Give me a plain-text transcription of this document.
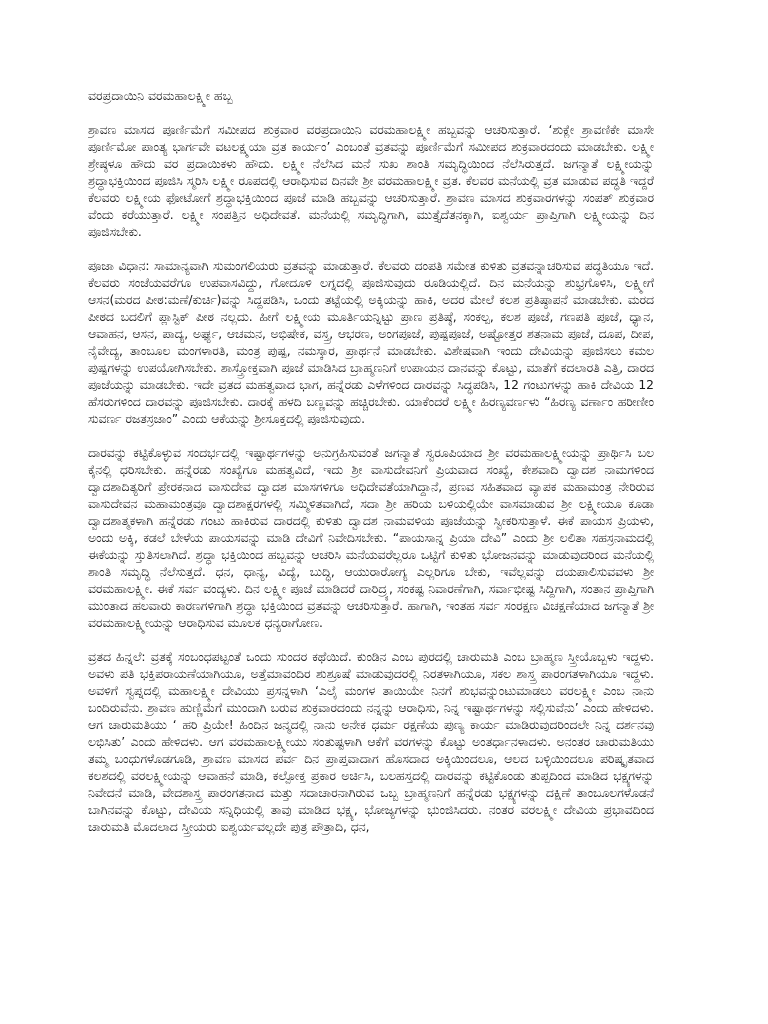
ವರಪ್ರದಾಯಿನಿ ವರಮಹಾಲಕ್ಷ್ಮೀ ಹಬ್ಬ

ಶ್ರಾವಣ ಮಾಸದ ಪೂರ್ಣಿಮೆಗೆ ಸಮೀಪದ ಶುಕ್ರವಾರ ವರಪ್ರದಾಯಿನಿ ವರಮಹಾಲಕ್ಷ್ಮೀ ಹಬ್ಬವನ್ನು ಆಚರಿಸುತ್ತಾರೆ. ‘ಶುಕ್ಲೇ ಶ್ರಾವಣಿಕೇ ಮಾಸೇ ಪೂರ್ಣಿಮೋ ಪಾಂತ್ಯ ಭಾರ್ಗವೇ ವಟಲಕ್ಷ್ಮಯಾ ವ್ರತ ಕಾರ್ಯಂ’ ಎಂಬಂತೆ ವ್ರತವನ್ನು ಪೂರ್ಣಿಮೆಗೆ ಸಮೀಪದ ಶುಕ್ರವಾರದಂದು ಮಾಡಬೇಕು. ಲಕ್ಷ್ಮೀ ಶ್ರೇಷ್ಠಳೂ ಹೌದು ವರ ಪ್ರದಾಯಿಕಳು ಹೌದು. ಲಕ್ಷ್ಮೀ ನೆಲೆಸಿದ ಮನೆ ಸುಖ ಶಾಂತಿ ಸಮೃದ್ಧಿಯಿಂದ ನೆಲೆಸಿರುತ್ತದೆ. ಜಗನ್ಮಾತೆ ಲಕ್ಷ್ಮೀಯನ್ನು ಶ್ರದ್ಧಾಭಕ್ತಿಯಿಂದ ಪೂಜಿಸಿ ಸ್ಮರಿಸಿ ಲಕ್ಷ್ಮೀ ರೂಪದಲ್ಲಿ ಆರಾಧಿಸುವ ದಿನವೇ ಶ್ರೀ ವರಮಹಾಲಕ್ಷ್ಮೀ ವ್ರತ. ಕೆಲವರ ಮನೆಯಲ್ಲಿ ವ್ರತ ಮಾಡುವ ಪದ್ಧತಿ ಇದ್ದರೆ ಕೆಲವರು ಲಕ್ಷ್ಮೀಯ ಫೋಟೋಗೆ ಶ್ರದ್ಧಾಭಕ್ತಿಯಿಂದ ಪೂಜೆ ಮಾಡಿ ಹಬ್ಬವನ್ನು ಆಚರಿಸುತ್ತಾರೆ. ಶ್ರಾವಣ ಮಾಸದ ಶುಕ್ರವಾರಗಳನ್ನು ಸಂಪತ್ ಶುಕ್ರವಾರ ವೆಂದು ಕರೆಯುತ್ತಾರೆ. ಲಕ್ಷ್ಮೀ ಸಂಪತ್ತಿನ ಅಧಿದೇವತೆ. ಮನೆಯಲ್ಲಿ ಸಮೃದ್ಧಿಗಾಗಿ, ಮುತ್ತೈದೆತನಕ್ಕಾಗಿ, ಐಶ್ವರ್ಯ ಪ್ರಾಪ್ತಿಗಾಗಿ ಲಕ್ಷ್ಮೀಯನ್ನು ದಿನ ಪೂಜಿಸಬೇಕು.

ಪೂಜಾ ವಿಧಾನ: ಸಾಮಾನ್ಯವಾಗಿ ಸುಮಂಗಲಿಯರು ವ್ರತವನ್ನು ಮಾಡುತ್ತಾರೆ. ಕೆಲವರು ದಂಪತಿ ಸಮೇತ ಕುಳಿತು ವ್ರತವನ್ನಾಚರಿಸುವ ಪದ್ಧತಿಯೂ ಇದೆ. ಕೆಲವರು ಸಂಜೆಯವರೆಗೂ ಉಪವಾಸವಿದ್ದು, ಗೋದೂಳಿ ಲಗ್ನದಲ್ಲಿ ಪೂಜಿಸುವುದು ರೂಡಿಯಲ್ಲಿದೆ. ದಿನ ಮನೆಯನ್ನು ಶುಭ್ರಗೊಳಿಸಿ, ಲಕ್ಷ್ಮೀಗೆ ಆಸನ(ಮರದ ಪೀಠ:ಮಣೆ/ಕುರ್ಚಿ)ವನ್ನು ಸಿದ್ದಪಡಿಸಿ, ಒಂದು ತಟ್ಟೆಯಲ್ಲಿ ಅಕ್ಕಿಯನ್ನು ಹಾಕಿ, ಅದರ ಮೇಲೆ ಕಲಶ ಪ್ರತಿಷ್ಠಾಪನೆ ಮಾಡಬೇಕು. ಮರದ ಪೀಠದ ಬದಲಿಗೆ ಪ್ಲಾಸ್ಟಿಕ್ ಪೀಠ ನಲ್ಲದು. ಹೀಗೆ ಲಕ್ಷ್ಮೀಯ ಮೂರ್ತಿಯನ್ನಿಟ್ಟು ಪ್ರಾಣ ಪ್ರತಿಷ್ಠೆ, ಸಂಕಲ್ಪ, ಕಲಶ ಪೂಜೆ, ಗಣಪತಿ ಪೂಜೆ, ಧ್ಯಾನ, ಆವಾಹನ, ಆಸನ, ಪಾದ್ಯ, ಅರ್ಘ್ಯ, ಆಚಮನ, ಅಭಿಷೇಕ, ವಸ್ತ್ರ, ಆಭರಣ, ಅಂಗಪೂಜೆ, ಪುಷ್ಪಪೂಜೆ, ಅಷ್ಟೋತ್ತರ ಶತನಾಮ ಪೂಜೆ, ದೂಪ, ದೀಪ, ನೈವೇದ್ಯ, ತಾಂಬೂಲ ಮಂಗಳಾರತಿ, ಮಂತ್ರ ಪುಷ್ಪ, ನಮಸ್ಕಾರ, ಪ್ರಾರ್ಥನೆ ಮಾಡಬೇಕು. ವಿಶೇಷವಾಗಿ ಇಂದು ದೇವಿಯನ್ನು ಪೂಜಿಸಲು ಕಮಲ ಪುಷ್ಪಗಳನ್ನು ಉಪಯೋಗಿಸಬೇಕು. ಶಾಸ್ತ್ರೋಕ್ತವಾಗಿ ಪೂಜೆ ಮಾಡಿಸಿದ ಬ್ರಾಹ್ಮಣನಿಗೆ ಉಪಾಯನ ದಾನವನ್ನು ಕೊಟ್ಟು, ಮಾತೆಗೆ ಕದಲಾರತಿ ಎತ್ತಿ, ದಾರದ ಪೂಜೆಯನ್ನು ಮಾಡಬೇಕು. ಇದೇ ವ್ರತದ ಮಹತ್ವವಾದ ಭಾಗ, ಹನ್ನೆರಡು ಎಳೆಗಳಿಂದ ದಾರವನ್ನು ಸಿದ್ಧಪಡಿಸಿ, 12 ಗಂಟುಗಳನ್ನು ಹಾಕಿ ದೇವಿಯ 12 ಹೆಸರುಗಳಿಂದ ದಾರವನ್ನು ಪೂಜಿಸಬೇಕು. ದಾರಕ್ಕೆ ಹಳದಿ ಬಣ್ಣವನ್ನು ಹಚ್ಚಿರಬೇಕು. ಯಾಕೆಂದರೆ ಲಕ್ಷ್ಮೀ ಹಿರಣ್ಯವರ್ಣಳು “ಹಿರಣ್ಯ ವರ್ಣಾಂ ಹರೀಣೀಂ ಸುವರ್ಣ ರಜತಸ್ರಜಾಂ” ಎಂದು ಆಕೆಯನ್ನು ಶ್ರೀಸೂಕ್ತದಲ್ಲಿ ಪೂಜಿಸುವುದು.

ದಾರವನ್ನು ಕಟ್ಟಿಕೊಳ್ಳುವ ಸಂದರ್ಭದಲ್ಲಿ ಇಷ್ಟಾರ್ಥಗಳನ್ನು ಅನುಗ್ರಹಿಸುವಂತೆ ಜಗನ್ಮಾತೆ ಸ್ವರೂಪಿಯಾದ ಶ್ರೀ ವರಮಹಾಲಕ್ಷ್ಮೀಯನ್ನು ಪ್ರಾರ್ಥಿಸಿ ಬಲ ಕೈನಲ್ಲಿ ಧರಿಸಬೇಕು. ಹನ್ನೆರಡು ಸಂಖ್ಯೆಗೂ ಮಹತ್ವವಿದೆ, ಇದು ಶ್ರೀ ವಾಸುದೇವನಿಗೆ ಪ್ರಿಯವಾದ ಸಂಖ್ಯೆ, ಕೇಶವಾದಿ ದ್ವಾದಶ ನಾಮಗಳಿಂದ ದ್ವಾದಶಾದಿತ್ಯರಿಗೆ ಪ್ರೇರಕನಾದ ವಾಸುದೇವ ದ್ವಾದಶ ಮಾಸಗಳಿಗೂ ಅಧಿದೇವತೆಯಾಗಿದ್ದಾನೆ, ಪ್ರಣವ ಸಹಿತವಾದ ವ್ಯಾಪಕ ಮಹಾಮಂತ್ರ ನೇರಿರುವ ವಾಸುದೇವನ ಮಹಾಮಂತ್ರವೂ ದ್ವಾದಶಾಕ್ಷರಗಳಲ್ಲಿ ಸಮ್ಮಿಳಿತವಾಗಿದೆ, ಸದಾ ಶ್ರೀ ಹರಿಯ ಬಳಿಯಲ್ಲಿಯೇ ವಾಸಮಾಡುವ ಶ್ರೀ ಲಕ್ಷ್ಮೀಯೂ ಕೂಡಾ ದ್ವಾದಶಾತ್ಮಕಳಾಗಿ ಹನ್ನೆರಡು ಗಂಟು ಹಾಕಿರುವ ದಾರದಲ್ಲಿ ಕುಳಿತು ದ್ವಾದಶ ನಾಮವಳಿಯ ಪೂಜೆಯನ್ನು ಸ್ವೀಕರಿಸುತ್ತಾಳೆ. ಈಕೆ ಪಾಯಸ ಪ್ರಿಯಳು, ಅಂದು ಅಕ್ಕಿ, ಕಡಲೆ ಬೇಳೆಯ ಪಾಯಸವನ್ನು ಮಾಡಿ ದೇವಿಗೆ ನಿವೇದಿಸಬೇಕು. “ಪಾಯಸಾನ್ನ ಪ್ರಿಯಾ ದೇವಿ” ಎಂದು ಶ್ರೀ ಲಲಿತಾ ಸಹಸ್ರನಾಮದಲ್ಲಿ ಈಕೆಯನ್ನು ಸ್ತುತಿಸಲಾಗಿದೆ. ಶ್ರದ್ಧಾ ಭಕ್ತಿಯಿಂದ ಹಬ್ಬವನ್ನು ಆಚರಿಸಿ ಮನೆಯವರೆಲ್ಲರೂ ಒಟ್ಟಿಗೆ ಕುಳಿತು ಭೋಜನವನ್ನು ಮಾಡುವುದರಿಂದ ಮನೆಯಲ್ಲಿ ಶಾಂತಿ ಸಮೃದ್ಧಿ ನೆಲೆಸುತ್ತದೆ. ಧನ, ಧಾನ್ಯ, ವಿದ್ಯೆ, ಬುದ್ಧಿ, ಆಯುರಾರೋಗ್ಯ ಎಲ್ಲರಿಗೂ ಬೇಕು, ಇವೆಲ್ಲವನ್ನು ದಯಪಾಲಿಸುವವಳು ಶ್ರೀ ವರಮಹಾಲಕ್ಷ್ಮೀ. ಈಕೆ ಸರ್ವ ವಂದ್ಯಳು. ದಿನ ಲಕ್ಷ್ಮೀ ಪೂಜೆ ಮಾಡಿದರೆ ದಾರಿದ್ರ್ಯ, ಸಂಕಷ್ಟ ನಿವಾರಣೆಗಾಗಿ, ಸರ್ವಾಭೀಷ್ಟ ಸಿದ್ದಿಗಾಗಿ, ಸಂತಾನ ಪ್ರಾಪ್ತಿಗಾಗಿ ಮುಂತಾದ ಹಲವಾರು ಕಾರಣಗಳಿಗಾಗಿ ಶ್ರದ್ಧಾ ಭಕ್ತಿಯಿಂದ ವ್ರತವನ್ನು ಆಚರಿಸುತ್ತಾರೆ. ಹಾಗಾಗಿ, ಇಂತಹ ಸರ್ವ ಸಂರಕ್ಷಣ ವಿಚಕ್ಷಣೆಯಾದ ಜಗನ್ಮಾತೆ ಶ್ರೀ ವರಮಹಾಲಕ್ಷ್ಮೀಯನ್ನು ಆರಾಧಿಸುವ ಮೂಲಕ ಧನ್ಯರಾಗೋಣ.

ವ್ರತದ ಹಿನ್ನಲೆ: ವ್ರತಕ್ಕೆ ಸಂಬಂಧಪಟ್ಟಂತೆ ಒಂದು ಸುಂದರ ಕಥೆಯಿದೆ. ಕುಂಡಿನ ಎಂಬ ಪುರದಲ್ಲಿ ಚಾರುಮತಿ ಎಂಬ ಬ್ರಾಹ್ಮಣ ಸ್ತ್ರೀಯೊಬ್ಬಳು ಇದ್ದಳು. ಅವಳು ಪತಿ ಭಕ್ತಿಪರಾಯಣೆಯಾಗಿಯೂ, ಅತ್ತೆಮಾವಂದಿರ ಶುಶ್ರೂಷೆ ಮಾಡುವುದರಲ್ಲಿ ನಿರತಳಾಗಿಯೂ, ಸಕಲ ಶಾಸ್ತ್ರ ಪಾರಂಗತಳಾಗಿಯೂ ಇದ್ದಳು. ಅವಳಿಗೆ ಸ್ವಪ್ನದಲ್ಲಿ ಮಹಾಲಕ್ಷ್ಮೀ ದೇವಿಯು ಪ್ರಸನ್ನಳಾಗಿ ‘ಎಲೈ ಮಂಗಳ ತಾಯಿಯೇ ನಿನಗೆ ಶುಭವನ್ನುಂಟುಮಾಡಲು ವರಲಕ್ಷ್ಮೀ ಎಂಬ ನಾನು ಬಂದಿರುವೆನು. ಶ್ರಾವಣ ಹುಣ್ಣಿಮೆಗೆ ಮುಂದಾಗಿ ಬರುವ ಶುಕ್ರವಾರದಂದು ನನ್ನನ್ನು ಆರಾಧಿಸು, ನಿನ್ನ ಇಷ್ಟಾರ್ಥಗಳನ್ನು ಸಲ್ಲಿಸುವೆನು’ ಎಂದು ಹೇಳಿದಳು. ಆಗ ಚಾರುಮತಿಯು ‘ ಹರಿ ಪ್ರಿಯೇ! ಹಿಂದಿನ ಜನ್ಮದಲ್ಲಿ ನಾನು ಅನೇಕ ಧರ್ಮ ರಕ್ಷಣೆಯ ಪುಣ್ಯ ಕಾರ್ಯ ಮಾಡಿರುವುದರಿಂದಲೇ ನಿನ್ನ ದರ್ಶನವು ಲಭಿಸಿತು’ ಎಂದು ಹೇಳಿದಳು. ಆಗ ವರಮಹಾಲಕ್ಷ್ಮೀಯು ಸಂತುಷ್ಟಳಾಗಿ ಆಕೆಗೆ ವರಗಳನ್ನು ಕೊಟ್ಟು ಅಂತರ್ಧಾನಳಾದಳು. ಅನಂತರ ಚಾರುಮತಿಯು ತಮ್ಮ ಬಂಧುಗಳೊಡಗೂಡಿ, ಶ್ರಾವಣ ಮಾಸದ ಪರ್ವ ದಿನ ಪ್ರಾಪ್ತವಾದಾಗ ಹೊಸದಾದ ಅಕ್ಕಿಯಿಂದಲೂ, ಆಲದ ಬಳ್ಳಿಯಿಂದಲೂ ಪರಿಷ್ಕೃತವಾದ ಕಲಶದಲ್ಲಿ ವರಲಕ್ಷ್ಮೀಯನ್ನು ಆವಾಹನೆ ಮಾಡಿ, ಕಲ್ಪೋಕ್ತ ಪ್ರಕಾರ ಅರ್ಚಿಸಿ, ಬಲಹಸ್ತದಲ್ಲಿ ದಾರವನ್ನು ಕಟ್ಟಿಕೊಂಡು ತುಪ್ಪದಿಂದ ಮಾಡಿದ ಭಕ್ಷ್ಯಗಳನ್ನು ನಿವೇದನೆ ಮಾಡಿ, ವೇದಶಾಸ್ತ್ರ ಪಾರಂಗತನಾದ ಮತ್ತು ಸದಾಚಾರನಾಗಿರುವ ಒಬ್ಬ ಬ್ರಾಹ್ಮಣನಿಗೆ ಹನ್ನೆರಡು ಭಕ್ಷ್ಯಗಳನ್ನು ದಕ್ಷಿಣೆ ತಾಂಬೂಲಗಳೊಡನೆ ಬಾಗಿನವನ್ನು ಕೊಟ್ಟು, ದೇವಿಯ ಸನ್ನಿಧಿಯಲ್ಲಿ ತಾವು ಮಾಡಿದ ಭಕ್ಷ್ಯ, ಭೋಜ್ಯಗಳನ್ನು ಭುಂಜಿಸಿದರು. ನಂತರ ವರಲಕ್ಷ್ಮೀ ದೇವಿಯ ಪ್ರಭಾವದಿಂದ ಚಾರುಮತಿ ಮೊದಲಾದ ಸ್ತ್ರೀಯರು ಐಶ್ವರ್ಯವಲ್ಲದೇ ಪುತ್ರ ಪೌತ್ರಾದಿ, ಧನ,
